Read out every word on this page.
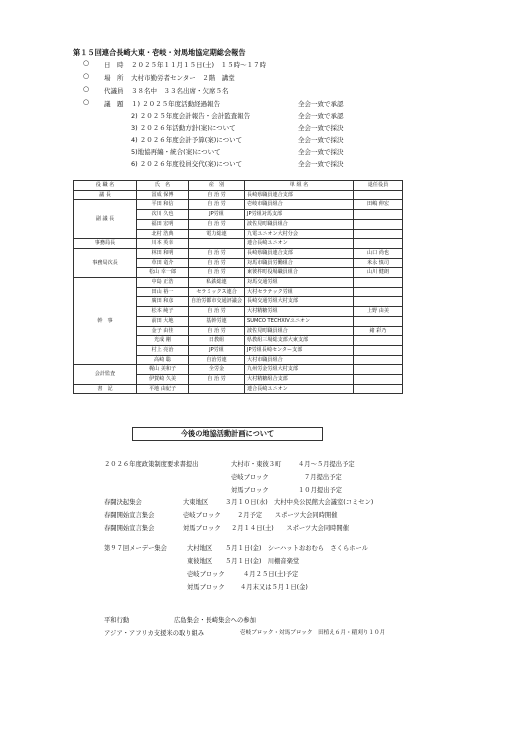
第１５回連合長崎大東・壱岐・対馬地協定期総会報告
○ 日　時 ２０２５年１１月１５日(土)　１５時～１７時
○ 場　所 大村市勤労者センター　２階　講堂
○ 代議員 ３８名中　３３名出席・欠席５名
○ 議　題 １) ２０２５年度活動経過報告	全会一致で承認
2) ２０２５年度会計報告・会計監査報告	全会一致で承認
3) ２０２６年活動方針(案)について	全会一致で採決
4) ２０２６年度会計予算(案)について	全会一致で採決
5)地協再編・統合(案)について	全会一致で採決
6) ２０２６年度役員交代(案)について	全会一致で採決
役 職 名	氏　名	産　別	単 組 名	退任役員
議 長	冨成 保博	自 治 労	長崎県職員連合支部	
副 議 長	平田 和信	自 治 労	壱岐市職員組合	田嶋 伸宏
	次川 久也	JP労組	JP労組対馬支部	
	福田 宏明	自 治 労	波佐見町職員組合	
	北村 浩典	電力総連	九電ユニオン大村分会	
事務局長	川本 英幸		連合長崎ユニオン	
事務局次長	林田 和明	自 治 労	長崎県職員連合支部	山口 尚也
	草田 竜介	自 治 労	対馬市職員労働組合	米永 慎司
	松山 幸一郎	自 治 労	東彼杵町役場職員組合	山川 健朗
幹　事	中島 正浩	私鉄総連	対馬交通労組	
	田山 裕一	セラミックス連合	大村セラテック労組	
	廣田 和彦	自治労都市交通評議会	長崎交通労組大村支部	
	松本 純子	自 治 労	大村精糖労組	上野 由美
	前田 大地	基幹労連	SUMCO TECHXIVユニオン	
	金子 由佳	自 治 労	波佐見町職員組合	緒 彩乃
	光成 剛	日教組	県教組三場総支部大東支部	
	村上 亮治	JP労組	JP労組長崎センター支部	
	高崎 聡	自治労連	大村市職員組合	
会計監査	梶山 美和子	全労金	九州労金労組大村支部	
	伊賀崎 久美	自 治 労	大村精糖組合支部	
書　記	平地 由紀子		連合長崎ユニオン	
今後の地協活動計画について
２０２６年度政策制度要求書提出	大村市・東彼３町	４月～５月提出予定
壱岐ブロック	７月提出予定
対馬ブロック	１０月提出予定
春闘決起集会	大東地区	３月１０日(水)　大村中央公民館大会議室(コミセン)
春闘開始宣言集会	壱岐ブロック	２月予定　　スポーツ大会同時開催
春闘開始宣言集会	対馬ブロック ２月１４日(土)　　スポーツ大会同時開催
第９７回メーデー集会	大村地区 ５月１日(金)　シーハットおおむら　さくらホール
東彼地区 ５月１日(金)　川棚音楽堂
壱岐ブロック	４月２５日(土)予定
対馬ブロック ４月末又は５月１日(金)
平和行動	広島集会・長崎集会への参加
アジア・アフリカ支援米の取り組み	壱岐ブロック・対馬ブロック　田植え６月・稲刈り１０月
